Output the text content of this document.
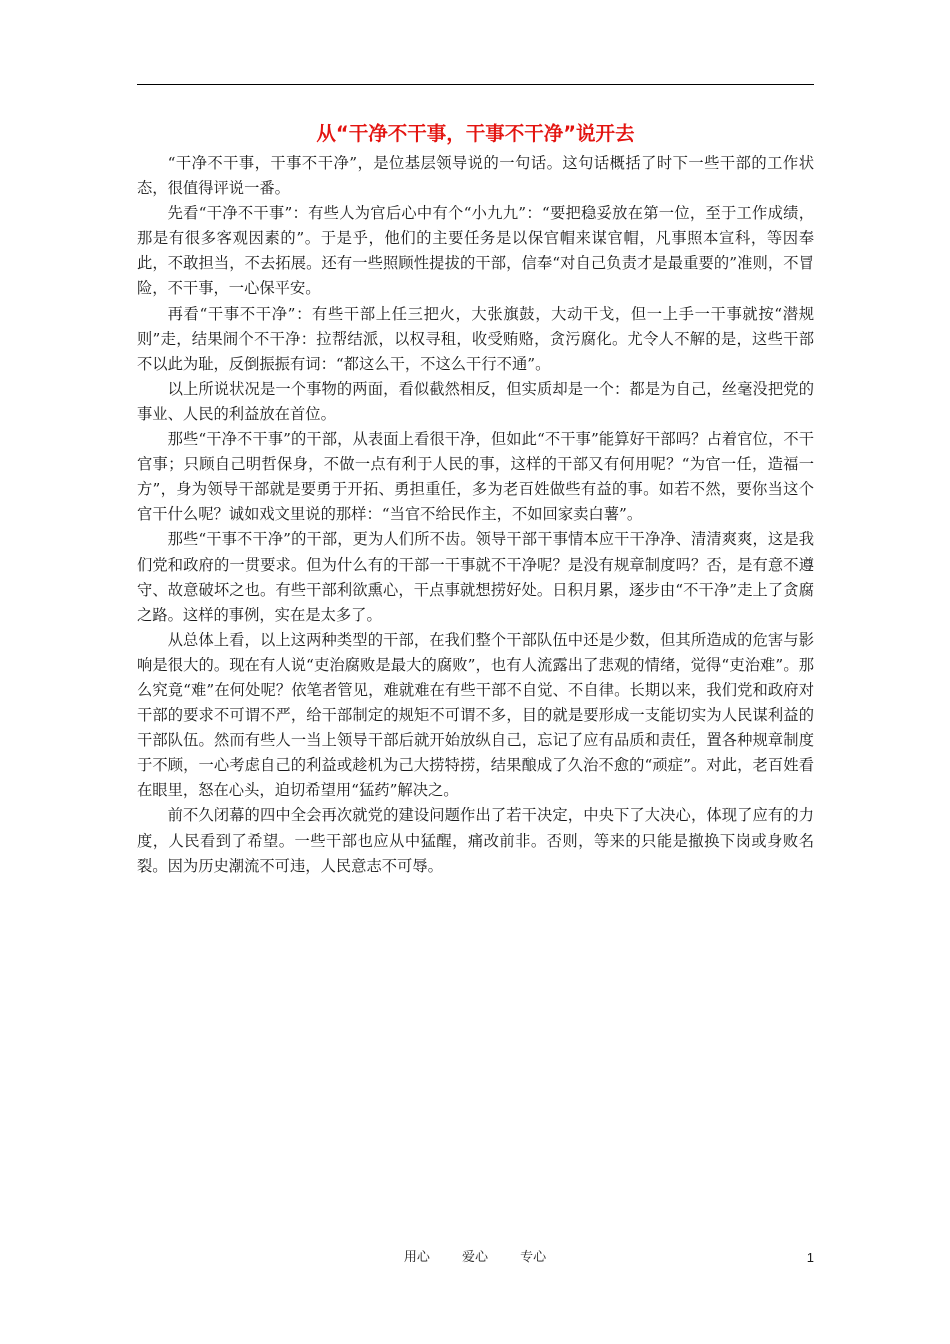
从“干净不干事，干事不干净”说开去

“干净不干事，干事不干净”，是位基层领导说的一句话。这句话概括了时下一些干部的工作状态，很值得评说一番。

先看“干净不干事”：有些人为官后心中有个“小九九”：“要把稳妥放在第一位，至于工作成绩，那是有很多客观因素的”。于是乎，他们的主要任务是以保官帽来谋官帽，凡事照本宣科，等因奉此，不敢担当，不去拓展。还有一些照顾性提拔的干部，信奉“对自己负责才是最重要的”准则，不冒险，不干事，一心保平安。

再看“干事不干净”：有些干部上任三把火，大张旗鼓，大动干戈，但一上手一干事就按“潜规则”走，结果闹个不干净：拉帮结派，以权寻租，收受贿赂，贪污腐化。尤令人不解的是，这些干部不以此为耻，反倒振振有词：“都这么干，不这么干行不通”。

以上所说状况是一个事物的两面，看似截然相反，但实质却是一个：都是为自己，丝毫没把党的事业、人民的利益放在首位。

那些“干净不干事”的干部，从表面上看很干净，但如此“不干事”能算好干部吗？占着官位，不干官事；只顾自己明哲保身，不做一点有利于人民的事，这样的干部又有何用呢？“为官一任，造福一方”，身为领导干部就是要勇于开拓、勇担重任，多为老百姓做些有益的事。如若不然，要你当这个官干什么呢？诚如戏文里说的那样：“当官不给民作主，不如回家卖白薯”。

那些“干事不干净”的干部，更为人们所不齿。领导干部干事情本应干干净净、清清爽爽，这是我们党和政府的一贯要求。但为什么有的干部一干事就不干净呢？是没有规章制度吗？否，是有意不遵守、故意破坏之也。有些干部利欲熏心，干点事就想捞好处。日积月累，逐步由“不干净”走上了贪腐之路。这样的事例，实在是太多了。

从总体上看，以上这两种类型的干部，在我们整个干部队伍中还是少数，但其所造成的危害与影响是很大的。现在有人说“吏治腐败是最大的腐败”，也有人流露出了悲观的情绪，觉得“吏治难”。那么究竟“难”在何处呢？依笔者管见，难就难在有些干部不自觉、不自律。长期以来，我们党和政府对干部的要求不可谓不严，给干部制定的规矩不可谓不多，目的就是要形成一支能切实为人民谋利益的干部队伍。然而有些人一当上领导干部后就开始放纵自己，忘记了应有品质和责任，置各种规章制度于不顾，一心考虑自己的利益或趁机为己大捞特捞，结果酿成了久治不愈的“顽症”。对此，老百姓看在眼里，怒在心头，迫切希望用“猛药”解决之。

前不久闭幕的四中全会再次就党的建设问题作出了若干决定，中央下了大决心，体现了应有的力度，人民看到了希望。一些干部也应从中猛醒，痛改前非。否则，等来的只能是撤换下岗或身败名裂。因为历史潮流不可违，人民意志不可辱。

用心 爱心 专心	1
